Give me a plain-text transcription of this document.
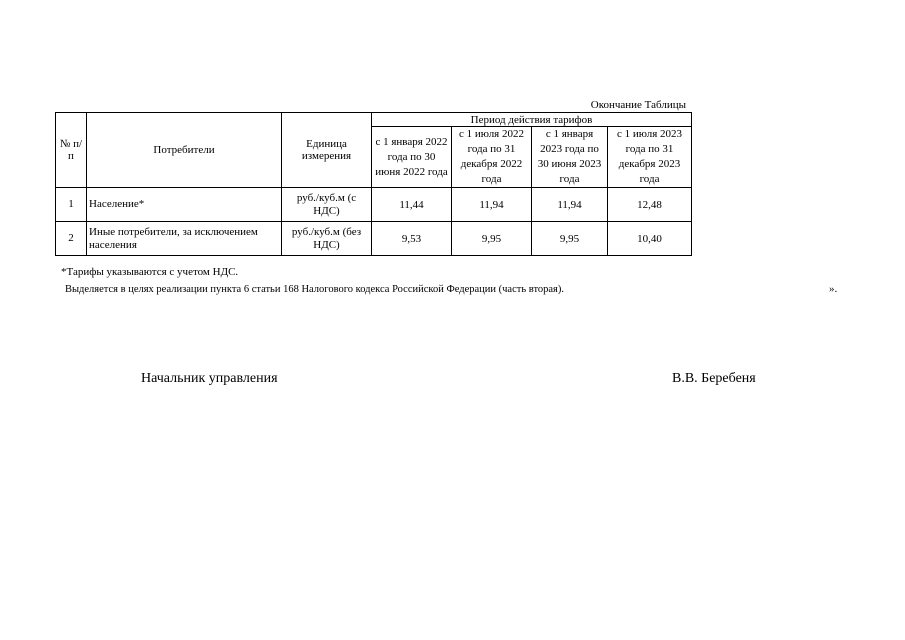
Окончание Таблицы
№ п/п	Потребители	Единица измерения	Период действия тарифов			
			с 1 января 2022 года по 30 июня 2022 года	с 1 июля 2022 года по 31 декабря 2022 года	с 1 января 2023 года по 30 июня 2023 года	с 1 июля 2023 года по 31 декабря 2023 года
1	Население*	руб./куб.м (с НДС)	11,44	11,94	11,94	12,48
2	Иные потребители, за исключением населения	руб./куб.м (без НДС)	9,53	9,95	9,95	10,40
*Тарифы указываются с учетом НДС.
Выделяется в целях реализации пункта 6 статьи 168 Налогового кодекса Российской Федерации (часть вторая).	».
Начальник управления	В.В. Беребеня
